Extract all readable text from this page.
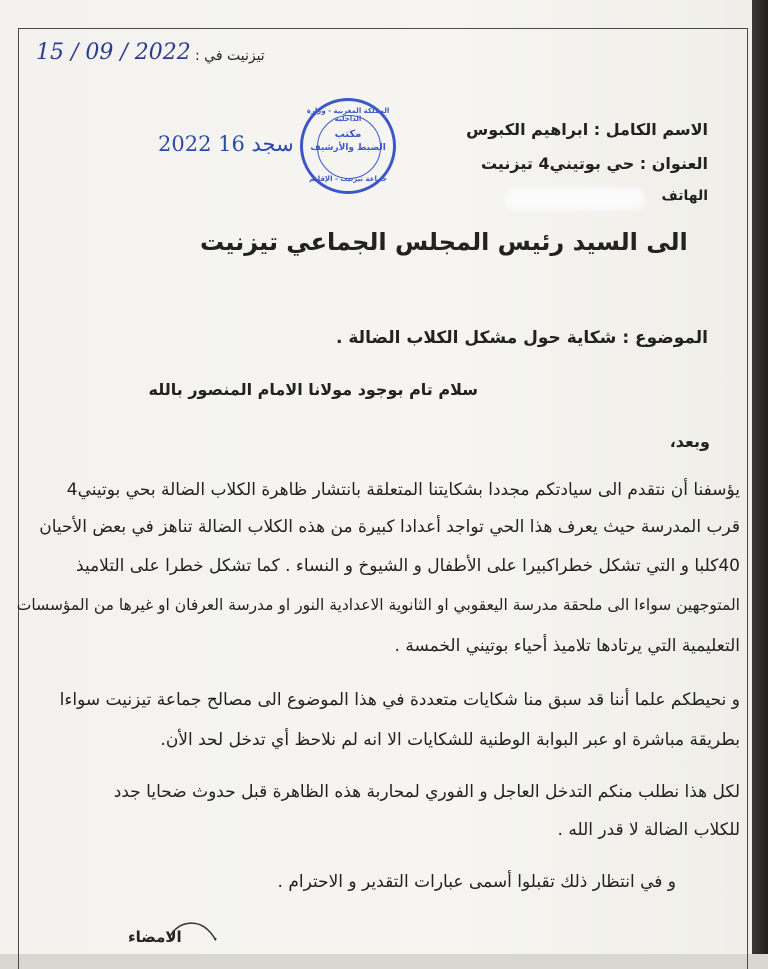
15 / 09 / 2022 تيزنيت في :
المملكة المغربية - وزارة الداخلية
مكتب
الضبط والأرشيف
جماعة تيزنيت - الإقليم
2022 سجد 16
الاسم الكامل : ابراهيم الكبوس
العنوان : حي بوتيني4 تيزنيت
الهاتف
الى السيد رئيس المجلس الجماعي تيزنيت
الموضوع : شكاية حول مشكل الكلاب الضالة .
سلام تام بوجود مولانا الامام المنصور بالله
وبعد،
يؤسفنا أن نتقدم الى سيادتكم مجددا بشكايتنا المتعلقة بانتشار ظاهرة الكلاب الضالة بحي بوتيني4
قرب المدرسة حيث يعرف هذا الحي تواجد أعدادا كبيرة من هذه الكلاب الضالة تناهز في بعض الأحيان
40كلبا و التي تشكل خطراكبيرا على الأطفال و الشيوخ و النساء . كما تشكل خطرا على التلاميذ
المتوجهين سواءا الى ملحقة مدرسة اليعقوبي او الثانوية الاعدادية النور او مدرسة العرفان او غيرها من المؤسسات
التعليمية التي يرتادها تلاميذ أحياء بوتيني الخمسة .
و نحيطكم علما أننا قد سبق منا شكايات متعددة في هذا الموضوع الى مصالح جماعة تيزنيت سواءا
بطريقة مباشرة او عبر البوابة الوطنية للشكايات الا انه لم نلاحظ أي تدخل لحد الأن.
لكل هذا نطلب منكم التدخل العاجل و الفوري لمحاربة هذه الظاهرة قبل حدوث ضحايا جدد
للكلاب الضالة لا قدر الله .
و في انتظار ذلك تقبلوا أسمى عبارات التقدير و الاحترام .
الامضاء
